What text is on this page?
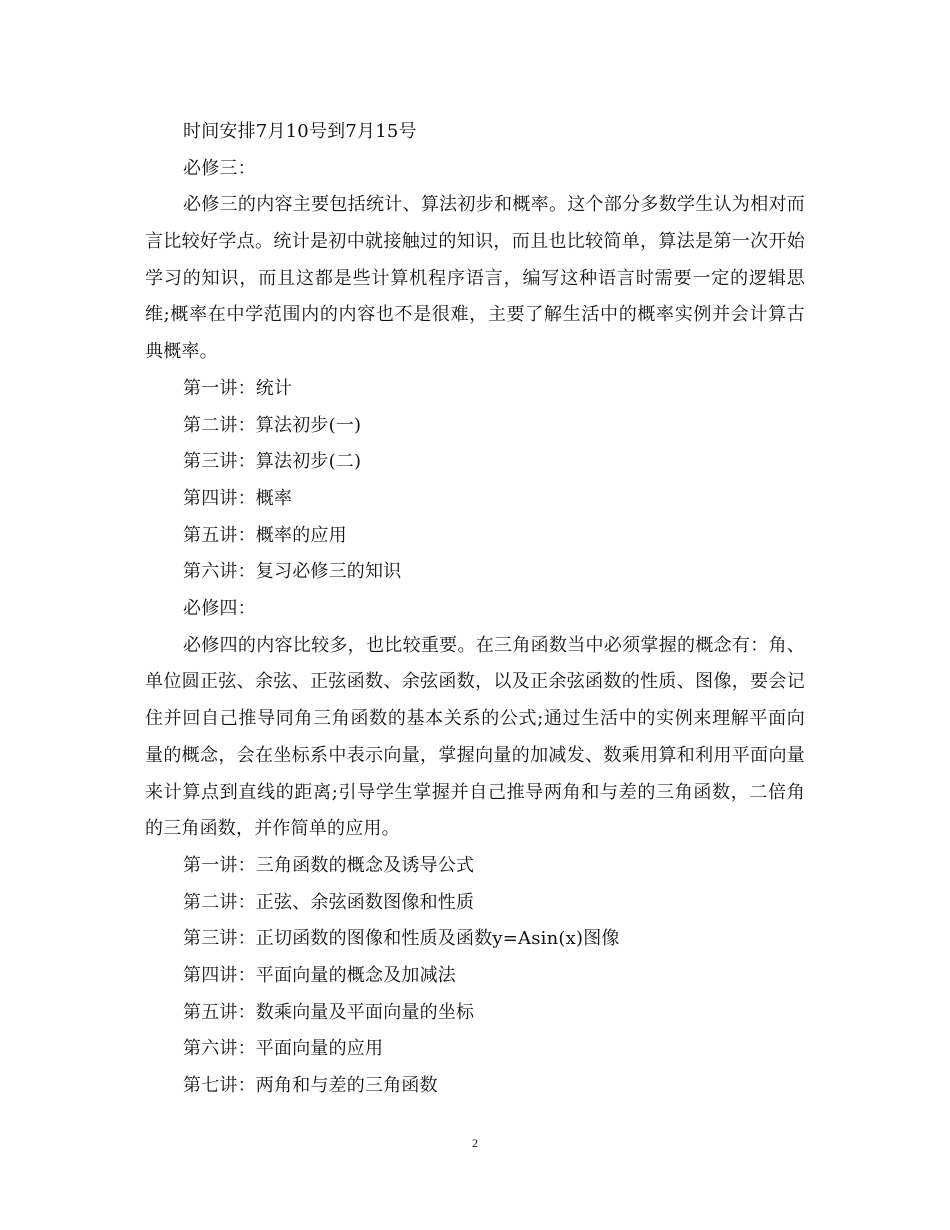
时间安排7月10号到7月15号
必修三：
必修三的内容主要包括统计、算法初步和概率。这个部分多数学生认为相对而言比较好学点。统计是初中就接触过的知识，而且也比较简单，算法是第一次开始学习的知识，而且这都是些计算机程序语言，编写这种语言时需要一定的逻辑思维;概率在中学范围内的内容也不是很难，主要了解生活中的概率实例并会计算古典概率。
第一讲：统计
第二讲：算法初步(一)
第三讲：算法初步(二)
第四讲：概率
第五讲：概率的应用
第六讲：复习必修三的知识
必修四：
必修四的内容比较多，也比较重要。在三角函数当中必须掌握的概念有：角、单位圆正弦、余弦、正弦函数、余弦函数，以及正余弦函数的性质、图像，要会记住并回自己推导同角三角函数的基本关系的公式;通过生活中的实例来理解平面向量的概念，会在坐标系中表示向量，掌握向量的加减发、数乘用算和利用平面向量来计算点到直线的距离;引导学生掌握并自己推导两角和与差的三角函数，二倍角的三角函数，并作简单的应用。
第一讲：三角函数的概念及诱导公式
第二讲：正弦、余弦函数图像和性质
第三讲：正切函数的图像和性质及函数y=Asin(x)图像
第四讲：平面向量的概念及加减法
第五讲：数乘向量及平面向量的坐标
第六讲：平面向量的应用
第七讲：两角和与差的三角函数
2
